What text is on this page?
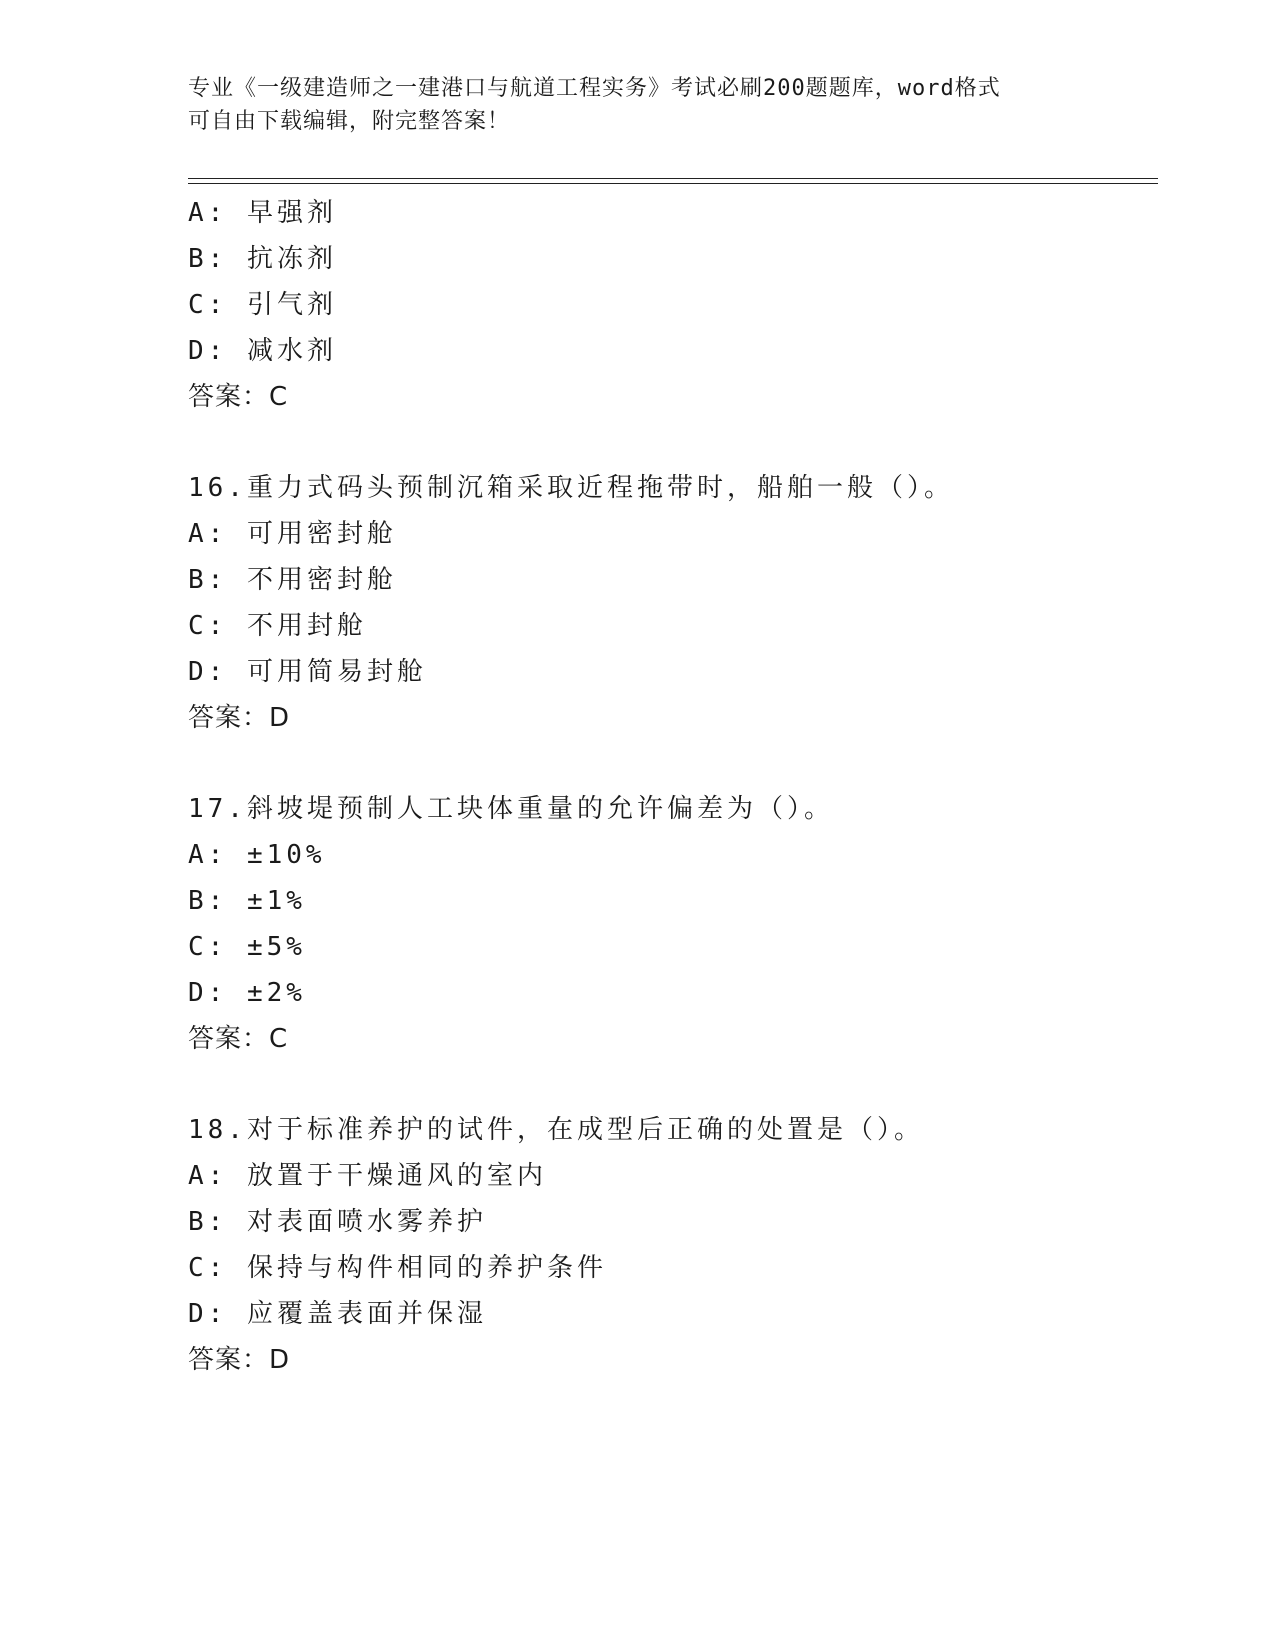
专业《一级建造师之一建港口与航道工程实务》考试必刷200题题库，word格式
可自由下载编辑，附完整答案！
A: 早强剂
B: 抗冻剂
C: 引气剂
D: 减水剂
答案：C
16.重力式码头预制沉箱采取近程拖带时，船舶一般（）。
A: 可用密封舱
B: 不用密封舱
C: 不用封舱
D: 可用简易封舱
答案：D
17.斜坡堤预制人工块体重量的允许偏差为（）。
A: ±10%
B: ±1%
C: ±5%
D: ±2%
答案：C
18.对于标准养护的试件，在成型后正确的处置是（）。
A: 放置于干燥通风的室内
B: 对表面喷水雾养护
C: 保持与构件相同的养护条件
D: 应覆盖表面并保湿
答案：D
